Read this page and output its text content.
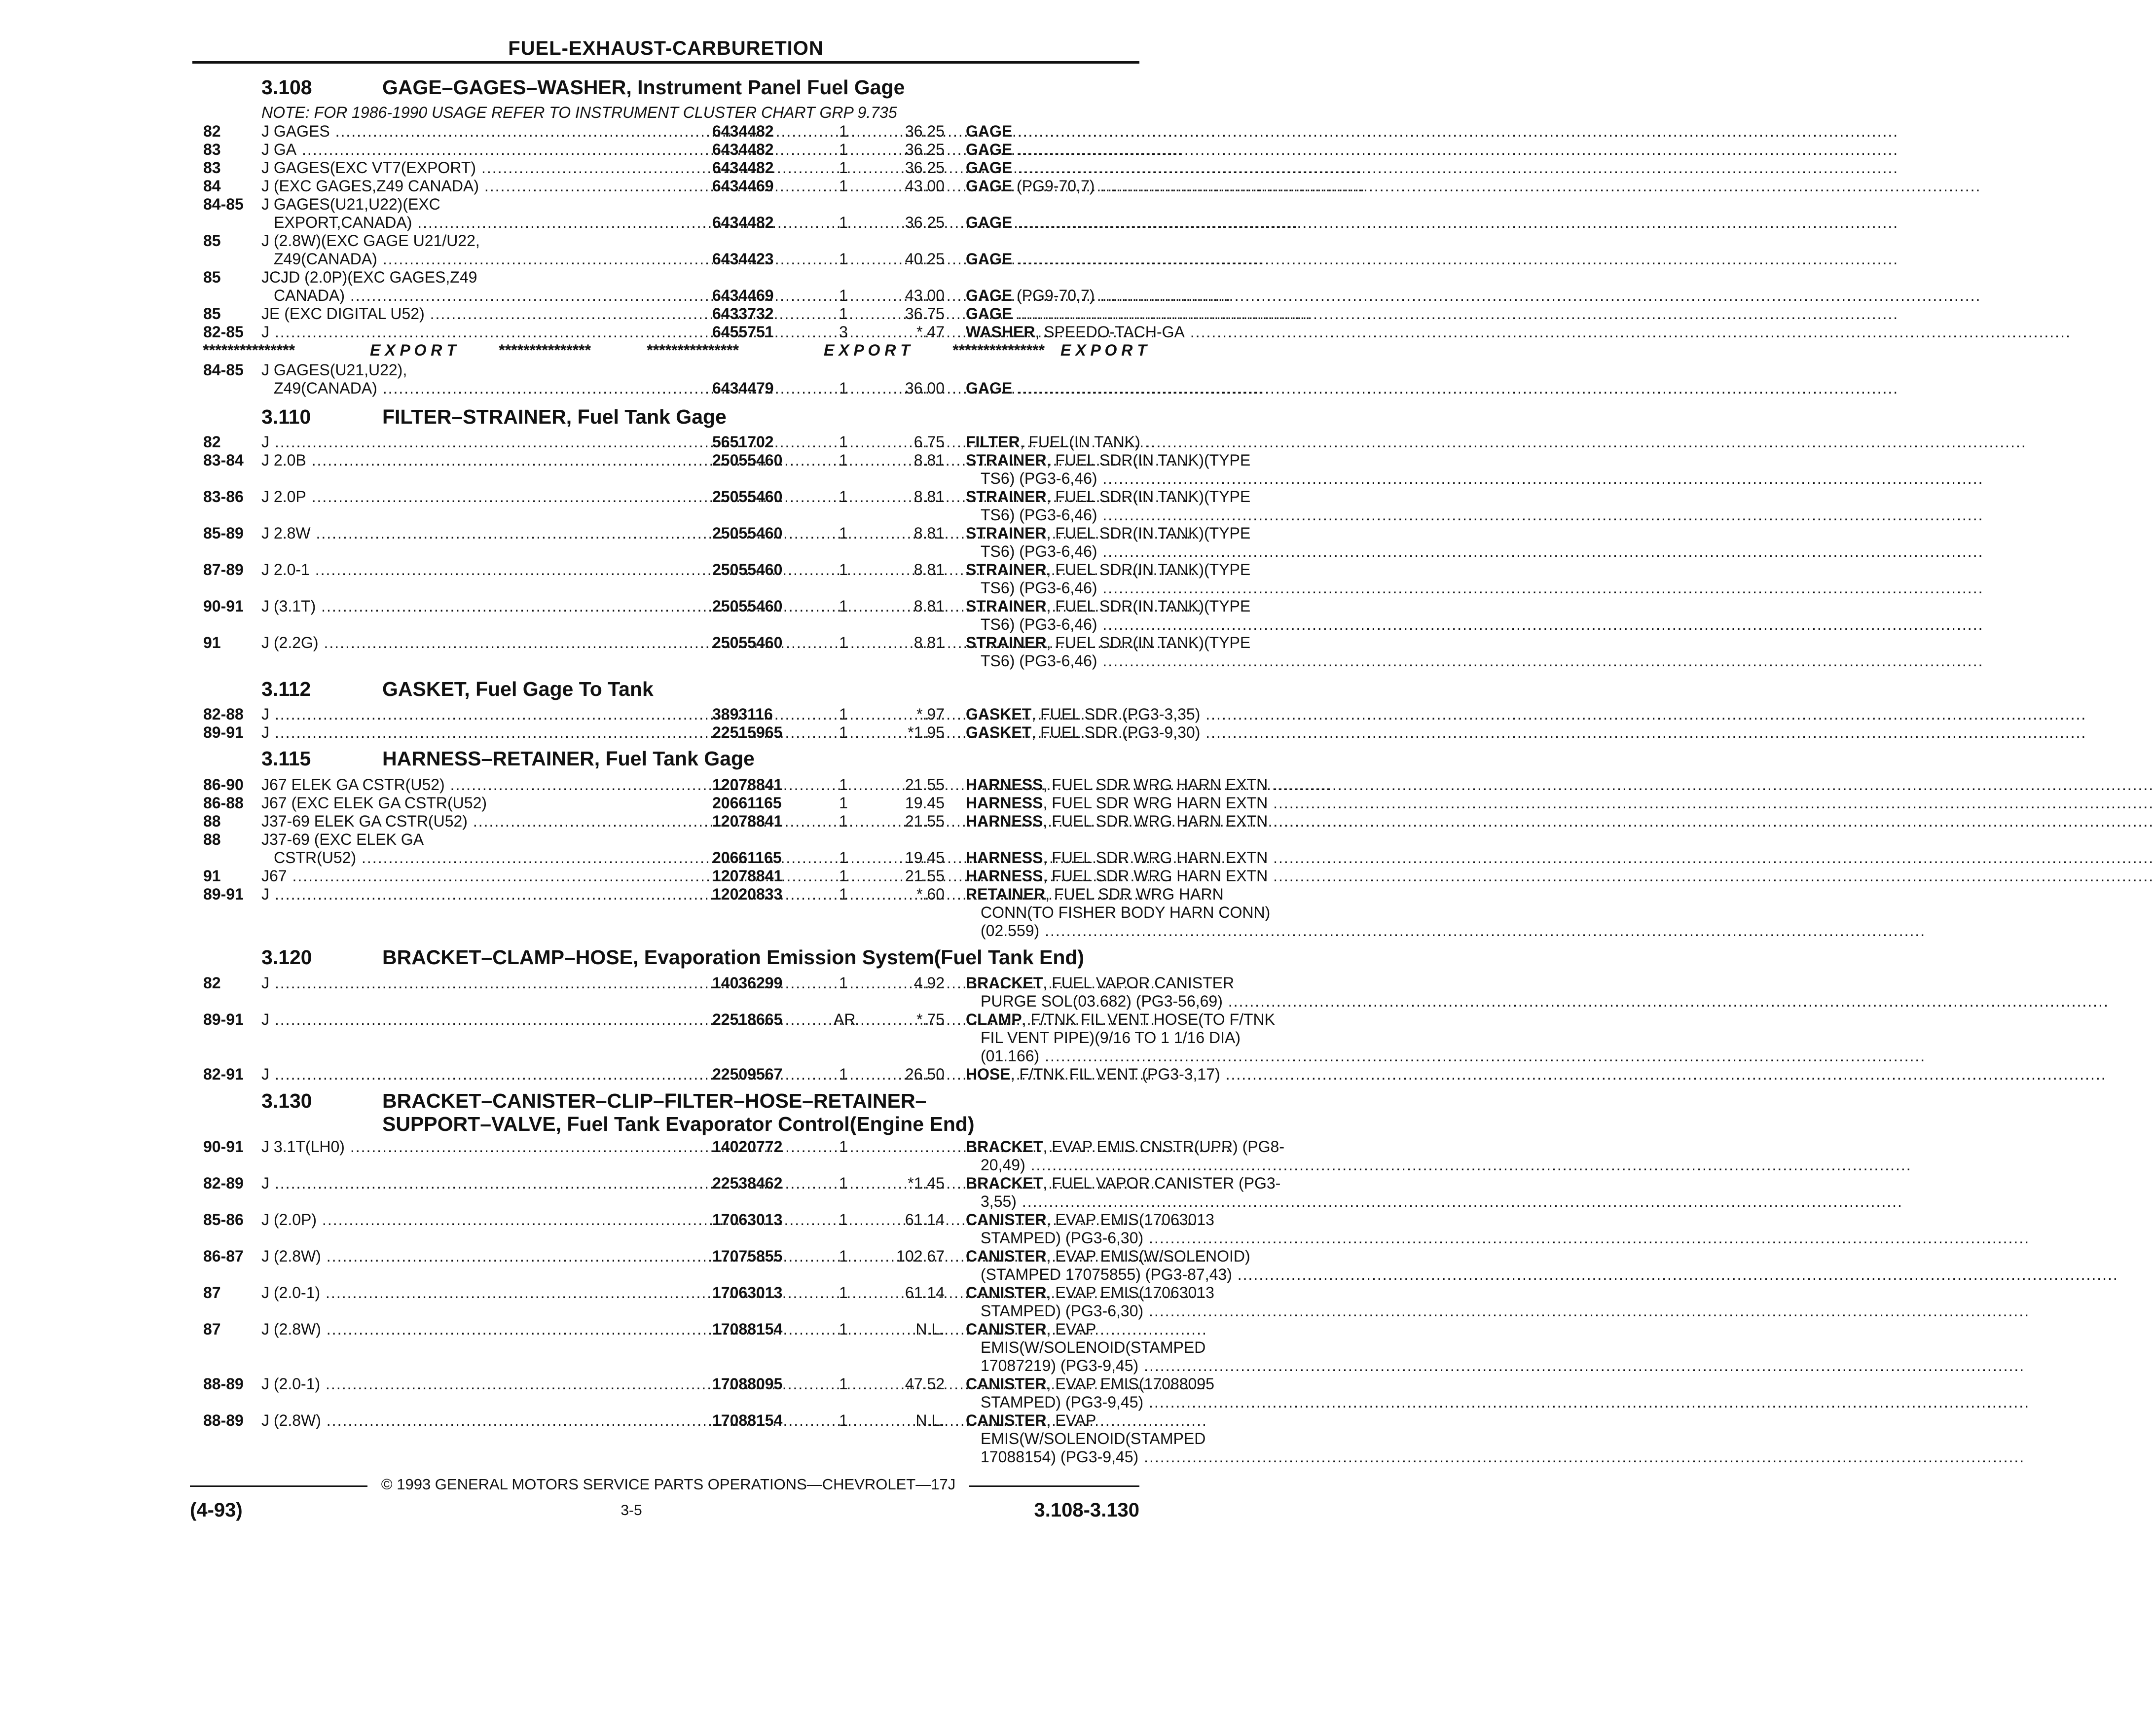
FUEL-EXHAUST-CARBURETION
3.108	GAGE–GAGES–WASHER, Instrument Panel Fuel Gage
NOTE: FOR 1986-1990 USAGE REFER TO INSTRUMENT CLUSTER CHART GRP 9.735
82	J GAGES .....	6434482	1	36.25 GAGE .....
83	J GA .....	6434482	1	36.25 GAGE .....
83	J GAGES(EXC VT7(EXPORT) .....	6434482	1	36.25 GAGE .....
84	J (EXC GAGES,Z49 CANADA) .....	6434469	1	43.00 GAGE (PG9-70,7) .....
84-85 J GAGES(U21,U22)(EXC
EXPORT,CANADA) .....	6434482	1	36.25 GAGE .....
85	J (2.8W)(EXC GAGE U21/U22,
Z49(CANADA) .....	6434423	1	40.25 GAGE .....
85	JCJD (2.0P)(EXC GAGES,Z49
CANADA) .....	6434469	1	43.00 GAGE (PG9-70,7) .....
85	JE (EXC DIGITAL U52) .....	6433732	1	36.75 GAGE .....
82-85 J .....	6455751	3	*.47 WASHER, SPEEDO-TACH-GA .....
***************	E X P O R T	***************	***************	E X P O R T	*************** E X P O R T
84-85 J GAGES(U21,U22),
Z49(CANADA) .....	6434479	1	36.00 GAGE .....
3.110	FILTER–STRAINER, Fuel Tank Gage
82	J .....	5651702	1	6.75 FILTER, FUEL(IN TANK) .....
83-84 J 2.0B .....	25055460	1	8.81 STRAINER, FUEL SDR(IN TANK)(TYPE
TS6) (PG3-6,46) .....
83-86 J 2.0P .....	25055460	1	8.81 STRAINER, FUEL SDR(IN TANK)(TYPE
TS6) (PG3-6,46) .....
85-89 J 2.8W .....	25055460	1	8.81 STRAINER, FUEL SDR(IN TANK)(TYPE
TS6) (PG3-6,46) .....
87-89 J 2.0-1 .....	25055460	1	8.81 STRAINER, FUEL SDR(IN TANK)(TYPE
TS6) (PG3-6,46) .....
90-91 J (3.1T) .....	25055460	1	8.81 STRAINER, FUEL SDR(IN TANK)(TYPE
TS6) (PG3-6,46) .....
91	J (2.2G) .....	25055460	1	8.81 STRAINER, FUEL SDR(IN TANK)(TYPE
TS6) (PG3-6,46) .....
3.112	GASKET, Fuel Gage To Tank
82-88 J .....	3893116	1	*.97 GASKET, FUEL SDR (PG3-3,35) .....
89-91 J .....	22515965	1	*1.95 GASKET, FUEL SDR (PG3-9,30) .....
3.115	HARNESS–RETAINER, Fuel Tank Gage
86-90 J67 ELEK GA CSTR(U52) .....	12078841	1	21.55 HARNESS, FUEL SDR WRG HARN EXTN .....
86-88 J67 (EXC ELEK GA CSTR(U52)	20661165	1	19.45 HARNESS, FUEL SDR WRG HARN EXTN .....
88	J37-69 ELEK GA CSTR(U52) .....	12078841	1	21.55 HARNESS, FUEL SDR WRG HARN EXTN .....
88	J37-69 (EXC ELEK GA
CSTR(U52) .....	20661165	1	19.45 HARNESS, FUEL SDR WRG HARN EXTN .....
91	J67 .....	12078841	1	21.55 HARNESS, FUEL SDR WRG HARN EXTN .....
89-91 J .....	12020833	1	*.60 RETAINER, FUEL SDR WRG HARN
CONN(TO FISHER BODY HARN CONN)
(02.559) .....
3.120	BRACKET–CLAMP–HOSE, Evaporation Emission System(Fuel Tank End)
82	J .....	14036299	1	4.92 BRACKET, FUEL VAPOR CANISTER
PURGE SOL(03.682) (PG3-56,69) .....
89-91 J .....	22518665	AR	*.75 CLAMP, F/TNK FIL VENT HOSE(TO F/TNK
FIL VENT PIPE)(9/16 TO 1 1/16 DIA)
(01.166) .....
82-91 J .....	22509567	1	26.50 HOSE, F/TNK FIL VENT (PG3-3,17) .....
3.130	BRACKET–CANISTER–CLIP–FILTER–HOSE–RETAINER–
SUPPORT–VALVE, Fuel Tank Evaporator Control(Engine End)
90-91 J 3.1T(LH0) .....	14020772	1	BRACKET, EVAP EMIS CNSTR(UPR) (PG8-
20,49) .....
82-89 J .....	22538462	1	*1.45 BRACKET, FUEL VAPOR CANISTER (PG3-
3,55) .....
85-86 J (2.0P) .....	17063013	1	61.14 CANISTER, EVAP EMIS(17063013
STAMPED) (PG3-6,30) .....
86-87 J (2.8W) .....	17075855	1	102.67 CANISTER, EVAP EMIS(W/SOLENOID)
(STAMPED 17075855) (PG3-87,43) .....
87	J (2.0-1) .....	17063013	1	61.14 CANISTER, EVAP EMIS(17063013
STAMPED) (PG3-6,30) .....
87	J (2.8W) .....	17088154	1	N.L. CANISTER, EVAP
EMIS(W/SOLENOID(STAMPED
17087219) (PG3-9,45) .....
88-89 J (2.0-1) .....	17088095	1	47.52 CANISTER, EVAP EMIS(17088095
STAMPED) (PG3-9,45) .....
88-89 J (2.8W) .....	17088154	1	N.L. CANISTER, EVAP
EMIS(W/SOLENOID(STAMPED
17088154) (PG3-9,45) .....
© 1993 GENERAL MOTORS SERVICE PARTS OPERATIONS—CHEVROLET—17J
(4-93)	3-5	3.108-3.130
